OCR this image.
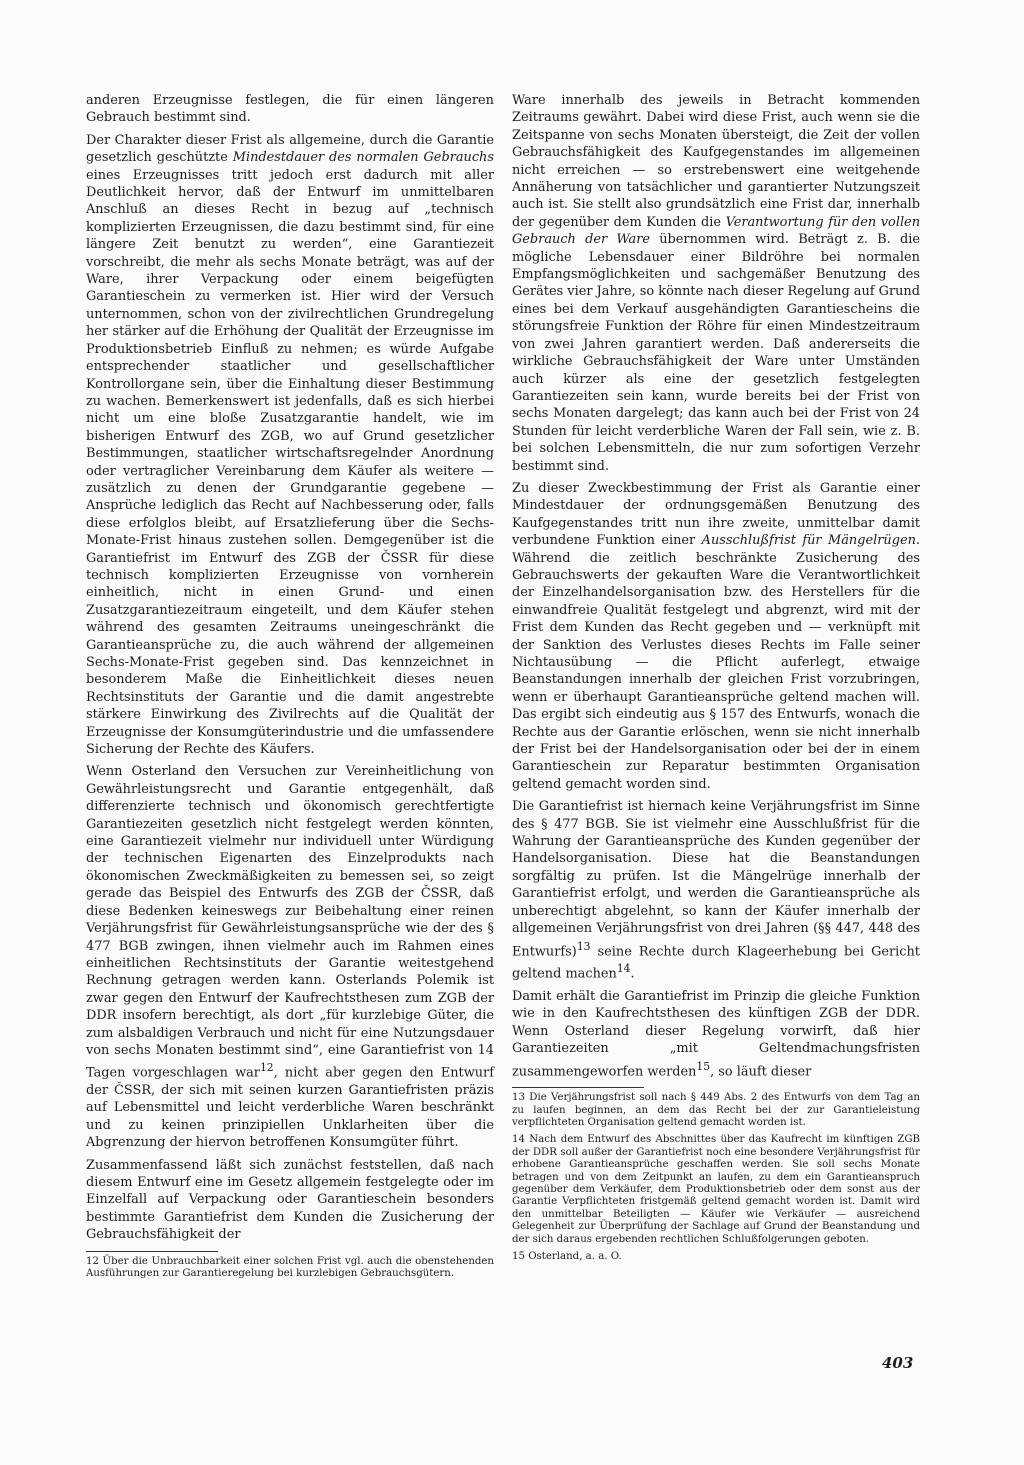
anderen Erzeugnisse festlegen, die für einen längeren Gebrauch bestimmt sind.

Der Charakter dieser Frist als allgemeine, durch die Garantie gesetzlich geschützte Mindestdauer des normalen Gebrauchs eines Erzeugnisses tritt jedoch erst dadurch mit aller Deutlichkeit hervor, daß der Entwurf im unmittelbaren Anschluß an dieses Recht in bezug auf „technisch komplizierten Erzeugnissen, die dazu bestimmt sind, für eine längere Zeit benutzt zu werden“, eine Garantiezeit vorschreibt, die mehr als sechs Monate beträgt, was auf der Ware, ihrer Verpackung oder einem beigefügten Garantieschein zu vermerken ist. Hier wird der Versuch unternommen, schon von der zivilrechtlichen Grundregelung her stärker auf die Erhöhung der Qualität der Erzeugnisse im Produktionsbetrieb Einfluß zu nehmen; es würde Aufgabe entsprechender staatlicher und gesellschaftlicher Kontrollorgane sein, über die Einhaltung dieser Bestimmung zu wachen. Bemerkenswert ist jedenfalls, daß es sich hierbei nicht um eine bloße Zusatzgarantie handelt, wie im bisherigen Entwurf des ZGB, wo auf Grund gesetzlicher Bestimmungen, staatlicher wirtschaftsregelnder Anordnung oder vertraglicher Vereinbarung dem Käufer als weitere — zusätzlich zu denen der Grundgarantie gegebene — Ansprüche lediglich das Recht auf Nachbesserung oder, falls diese erfolglos bleibt, auf Ersatzlieferung über die Sechs-Monate-Frist hinaus zustehen sollen. Demgegenüber ist die Garantiefrist im Entwurf des ZGB der ČSSR für diese technisch komplizierten Erzeugnisse von vornherein einheitlich, nicht in einen Grund- und einen Zusatzgarantiezeitraum eingeteilt, und dem Käufer stehen während des gesamten Zeitraums uneingeschränkt die Garantieansprüche zu, die auch während der allgemeinen Sechs-Monate-Frist gegeben sind. Das kennzeichnet in besonderem Maße die Einheitlichkeit dieses neuen Rechtsinstituts der Garantie und die damit angestrebte stärkere Einwirkung des Zivilrechts auf die Qualität der Erzeugnisse der Konsumgüterindustrie und die umfassendere Sicherung der Rechte des Käufers.

Wenn Osterland den Versuchen zur Vereinheitlichung von Gewährleistungsrecht und Garantie entgegenhält, daß differenzierte technisch und ökonomisch gerechtfertigte Garantiezeiten gesetzlich nicht festgelegt werden könnten, eine Garantiezeit vielmehr nur individuell unter Würdigung der technischen Eigenarten des Einzelprodukts nach ökonomischen Zweckmäßigkeiten zu bemessen sei, so zeigt gerade das Beispiel des Entwurfs des ZGB der ČSSR, daß diese Bedenken keineswegs zur Beibehaltung einer reinen Verjährungsfrist für Gewährleistungsansprüche wie der des § 477 BGB zwingen, ihnen vielmehr auch im Rahmen eines einheitlichen Rechtsinstituts der Garantie weitestgehend Rechnung getragen werden kann. Osterlands Polemik ist zwar gegen den Entwurf der Kaufrechtsthesen zum ZGB der DDR insofern berechtigt, als dort „für kurzlebige Güter, die zum alsbaldigen Verbrauch und nicht für eine Nutzungsdauer von sechs Monaten bestimmt sind“, eine Garantiefrist von 14 Tagen vorgeschlagen war$^{12}$, nicht aber gegen den Entwurf der ČSSR, der sich mit seinen kurzen Garantiefristen präzis auf Lebensmittel und leicht verderbliche Waren beschränkt und zu keinen prinzipiellen Unklarheiten über die Abgrenzung der hiervon betroffenen Konsumgüter führt.

Zusammenfassend läßt sich zunächst feststellen, daß nach diesem Entwurf eine im Gesetz allgemein festgelegte oder im Einzelfall auf Verpackung oder Garantieschein besonders bestimmte Garantiefrist dem Kunden die Zusicherung der Gebrauchsfähigkeit der

12 Über die Unbrauchbarkeit einer solchen Frist vgl. auch die obenstehenden Ausführungen zur Garantieregelung bei kurzlebigen Gebrauchsgütern.

Ware innerhalb des jeweils in Betracht kommenden Zeitraums gewährt. Dabei wird diese Frist, auch wenn sie die Zeitspanne von sechs Monaten übersteigt, die Zeit der vollen Gebrauchsfähigkeit des Kaufgegenstandes im allgemeinen nicht erreichen — so erstrebenswert eine weitgehende Annäherung von tatsächlicher und garantierter Nutzungszeit auch ist. Sie stellt also grundsätzlich eine Frist dar, innerhalb der gegenüber dem Kunden die Verantwortung für den vollen Gebrauch der Ware übernommen wird. Beträgt z. B. die mögliche Lebensdauer einer Bildröhre bei normalen Empfangsmöglichkeiten und sachgemäßer Benutzung des Gerätes vier Jahre, so könnte nach dieser Regelung auf Grund eines bei dem Verkauf ausgehändigten Garantiescheins die störungsfreie Funktion der Röhre für einen Mindestzeitraum von zwei Jahren garantiert werden. Daß andererseits die wirkliche Gebrauchsfähigkeit der Ware unter Umständen auch kürzer als eine der gesetzlich festgelegten Garantiezeiten sein kann, wurde bereits bei der Frist von sechs Monaten dargelegt; das kann auch bei der Frist von 24 Stunden für leicht verderbliche Waren der Fall sein, wie z. B. bei solchen Lebensmitteln, die nur zum sofortigen Verzehr bestimmt sind.

Zu dieser Zweckbestimmung der Frist als Garantie einer Mindestdauer der ordnungsgemäßen Benutzung des Kaufgegenstandes tritt nun ihre zweite, unmittelbar damit verbundene Funktion einer Ausschlußfrist für Mängelrügen. Während die zeitlich beschränkte Zusicherung des Gebrauchswerts der gekauften Ware die Verantwortlichkeit der Einzelhandelsorganisation bzw. des Herstellers für die einwandfreie Qualität festgelegt und abgrenzt, wird mit der Frist dem Kunden das Recht gegeben und — verknüpft mit der Sanktion des Verlustes dieses Rechts im Falle seiner Nichtausübung — die Pflicht auferlegt, etwaige Beanstandungen innerhalb der gleichen Frist vorzubringen, wenn er überhaupt Garantieansprüche geltend machen will. Das ergibt sich eindeutig aus § 157 des Entwurfs, wonach die Rechte aus der Garantie erlöschen, wenn sie nicht innerhalb der Frist bei der Handelsorganisation oder bei der in einem Garantieschein zur Reparatur bestimmten Organisation geltend gemacht worden sind.

Die Garantiefrist ist hiernach keine Verjährungsfrist im Sinne des § 477 BGB. Sie ist vielmehr eine Ausschlußfrist für die Wahrung der Garantieansprüche des Kunden gegenüber der Handelsorganisation. Diese hat die Beanstandungen sorgfältig zu prüfen. Ist die Mängelrüge innerhalb der Garantiefrist erfolgt, und werden die Garantieansprüche als unberechtigt abgelehnt, so kann der Käufer innerhalb der allgemeinen Verjährungsfrist von drei Jahren (§§ 447, 448 des Entwurfs)$^{13}$ seine Rechte durch Klageerhebung bei Gericht geltend machen$^{14}$.

Damit erhält die Garantiefrist im Prinzip die gleiche Funktion wie in den Kaufrechtsthesen des künftigen ZGB der DDR. Wenn Osterland dieser Regelung vorwirft, daß hier Garantiezeiten „mit Geltendmachungsfristen zusammengeworfen werden$^{15}$, so läuft dieser

13 Die Verjährungsfrist soll nach § 449 Abs. 2 des Entwurfs von dem Tag an zu laufen beginnen, an dem das Recht bei der zur Garantieleistung verpflichteten Organisation geltend gemacht worden ist.

14 Nach dem Entwurf des Abschnittes über das Kaufrecht im künftigen ZGB der DDR soll außer der Garantiefrist noch eine besondere Verjährungsfrist für erhobene Garantieansprüche geschaffen werden. Sie soll sechs Monate betragen und von dem Zeitpunkt an laufen, zu dem ein Garantieanspruch gegenüber dem Verkäufer, dem Produktionsbetrieb oder dem sonst aus der Garantie Verpflichteten fristgemäß geltend gemacht worden ist. Damit wird den unmittelbar Beteiligten — Käufer wie Verkäufer — ausreichend Gelegenheit zur Überprüfung der Sachlage auf Grund der Beanstandung und der sich daraus ergebenden rechtlichen Schlußfolgerungen geboten.

15 Osterland, a. a. O.

403
